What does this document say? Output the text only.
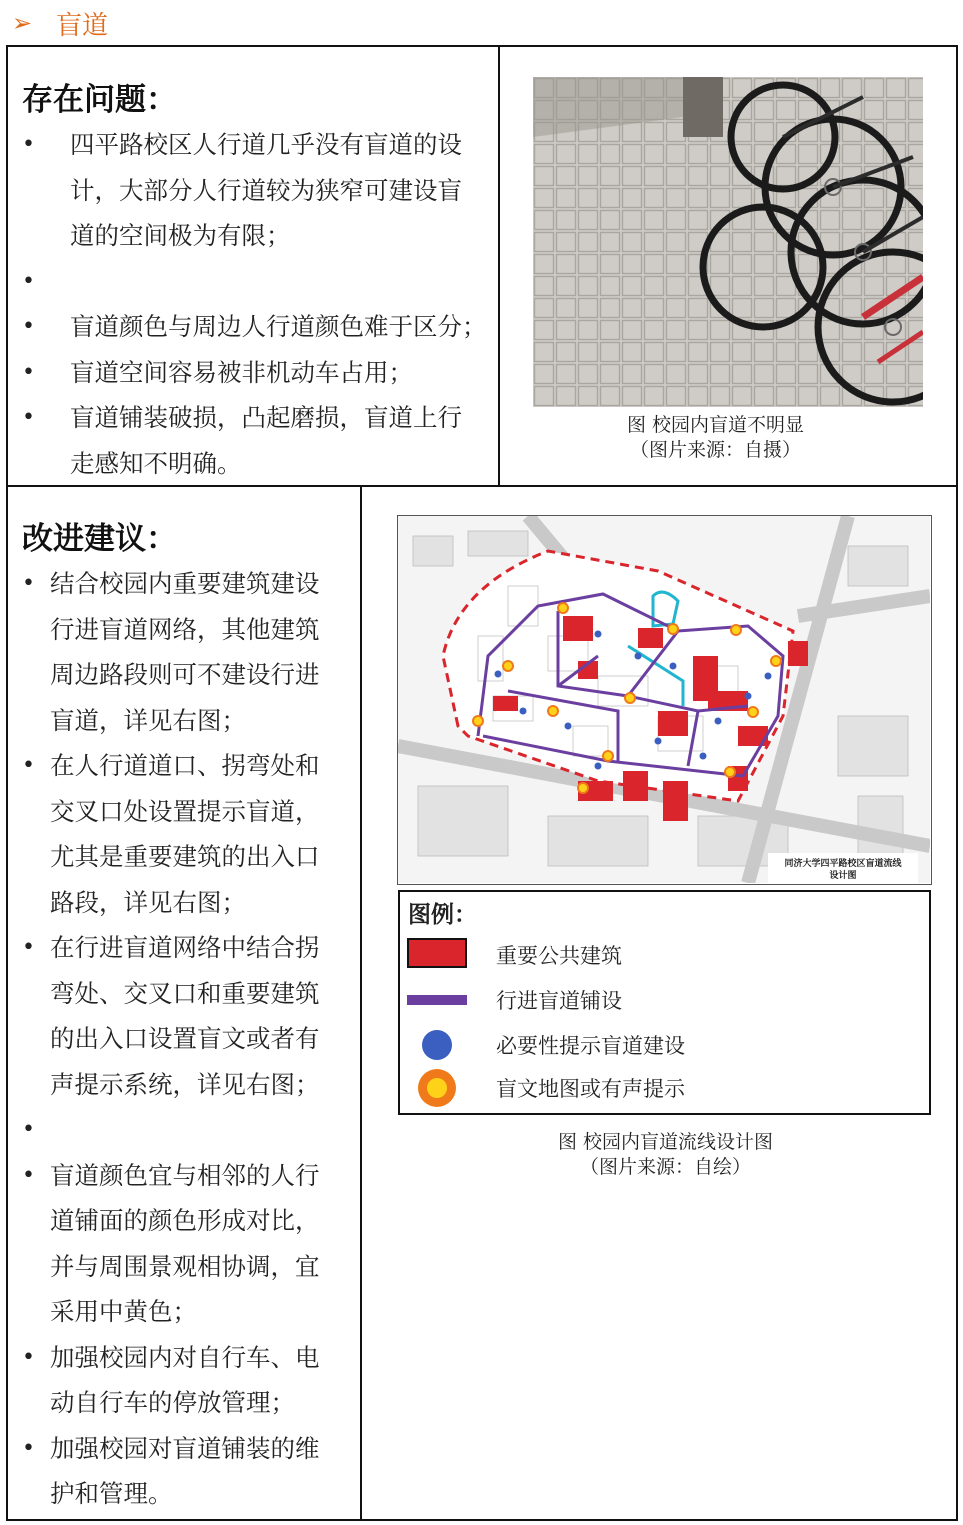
➢ 盲道
存在问题：
• 四平路校区人行道几乎没有盲道的设计，大部分人行道较为狭窄可建设盲道的空间极为有限；
•
• 盲道颜色与周边人行道颜色难于区分；
• 盲道空间容易被非机动车占用；
• 盲道铺装破损，凸起磨损，盲道上行走感知不明确。
图 校园内盲道不明显
（图片来源：自摄）
改进建议：
• 结合校园内重要建筑建设行进盲道网络，其他建筑周边路段则可不建设行进盲道，详见右图；
• 在人行道道口、拐弯处和交叉口处设置提示盲道，尤其是重要建筑的出入口路段，详见右图；
• 在行进盲道网络中结合拐弯处、交叉口和重要建筑的出入口设置盲文或者有声提示系统，详见右图；
•
• 盲道颜色宜与相邻的人行道铺面的颜色形成对比，并与周围景观相协调，宜采用中黄色；
• 加强校园内对自行车、电动自行车的停放管理；
• 加强校园对盲道铺装的维护和管理。
同济大学四平路校区盲道流线
设计图
图例：
重要公共建筑
行进盲道铺设
必要性提示盲道建设
盲文地图或有声提示
图 校园内盲道流线设计图
（图片来源：自绘）
